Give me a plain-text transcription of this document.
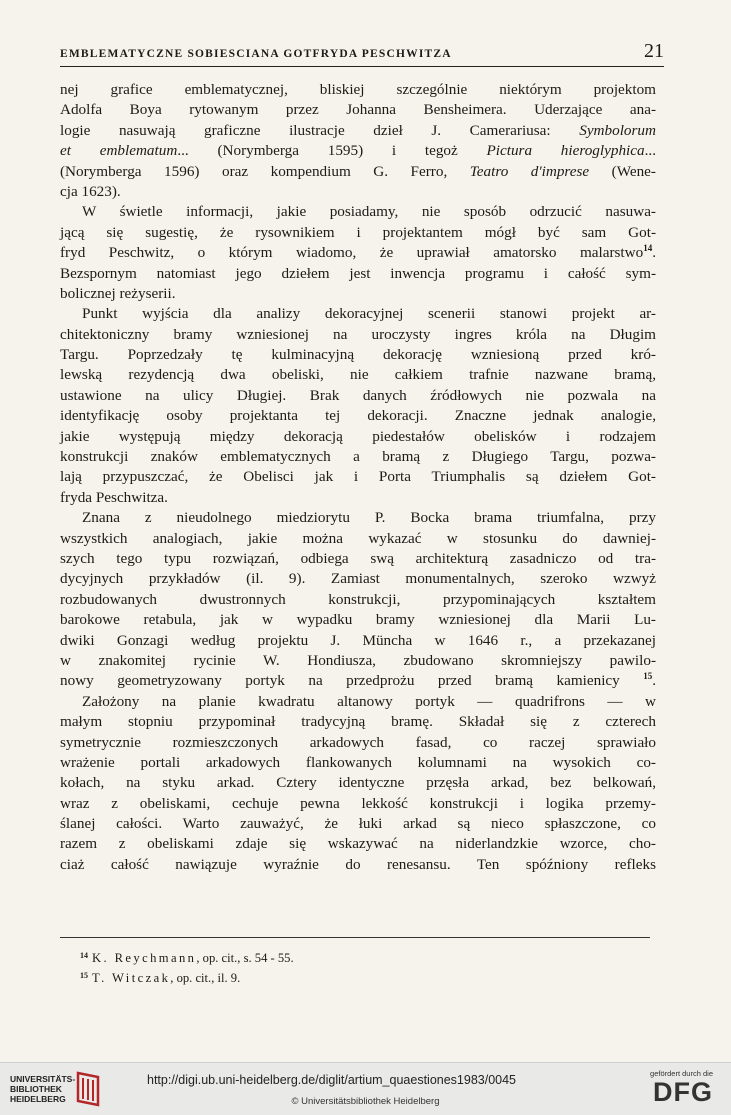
EMBLEMATYCZNE SOBIESCIANA GOTFRYDA PESCHWITZA	21

nej grafice emblematycznej, bliskiej szczególnie niektórym projektom
Adolfa Boya rytowanym przez Johanna Bensheimera. Uderzające ana-
logie nasuwają graficzne ilustracje dzieł J. Camerariusa: Symbolorum
et emblematum... (Norymberga 1595) i tegoż Pictura hieroglyphica...
(Norymberga 1596) oraz kompendium G. Ferro, Teatro d'imprese (Wene-
cja 1623).

W świetle informacji, jakie posiadamy, nie sposób odrzucić nasuwa-
jącą się sugestię, że rysownikiem i projektantem mógł być sam Got-
fryd Peschwitz, o którym wiadomo, że uprawiał amatorsko malarstwo$^{14}$.
Bezspornym natomiast jego dziełem jest inwencja programu i całość sym-
bolicznej reżyserii.

Punkt wyjścia dla analizy dekoracyjnej scenerii stanowi projekt ar-
chitektoniczny bramy wzniesionej na uroczysty ingres króla na Długim
Targu. Poprzedzały tę kulminacyjną dekorację wzniesioną przed kró-
lewską rezydencją dwa obeliski, nie całkiem trafnie nazwane bramą,
ustawione na ulicy Długiej. Brak danych źródłowych nie pozwala na
identyfikację osoby projektanta tej dekoracji. Znaczne jednak analogie,
jakie występują między dekoracją piedestałów obelisków i rodzajem
konstrukcji znaków emblematycznych a bramą z Długiego Targu, pozwa-
lają przypuszczać, że Obelisci jak i Porta Triumphalis są dziełem Got-
fryda Peschwitza.

Znana z nieudolnego miedziorytu P. Bocka brama triumfalna, przy
wszystkich analogiach, jakie można wykazać w stosunku do dawniej-
szych tego typu rozwiązań, odbiega swą architekturą zasadniczo od tra-
dycyjnych przykładów (il. 9). Zamiast monumentalnych, szeroko wzwyż
rozbudowanych dwustronnych konstrukcji, przypominających kształtem
barokowe retabula, jak w wypadku bramy wzniesionej dla Marii Lu-
dwiki Gonzagi według projektu J. Müncha w 1646 r., a przekazanej
w znakomitej rycinie W. Hondiusza, zbudowano skromniejszy pawilo-
nowy geometryzowany portyk na przedprożu przed bramą kamienicy	$^{15}$.

Założony na planie kwadratu altanowy portyk — quadrifrons — w
małym stopniu przypominał tradycyjną bramę. Składał się z czterech
symetrycznie rozmieszczonych arkadowych fasad, co raczej sprawiało
wrażenie portali arkadowych flankowanych kolumnami na wysokich co-
kołach, na styku arkad. Cztery identyczne przęsła arkad, bez belkowań,
wraz z obeliskami, cechuje pewna lekkość konstrukcji i logika przemy-
ślanej całości. Warto zauważyć, że łuki arkad są nieco spłaszczone, co
razem z obeliskami zdaje się wskazywać na niderlandzkie wzorce, cho-
ciaż całość nawiązuje wyraźnie do renesansu. Ten spóźniony refleks

$^{14}$ K. Reychmann, op. cit., s. 54 - 55.
$^{15}$ T. Witczak, op. cit., il. 9.
UNIVERSITÄTS-
BIBLIOTHEK
HEIDELBERG
http://digi.ub.uni-heidelberg.de/diglit/artium_quaestiones1983/0045
© Universitätsbibliothek Heidelberg
gefördert durch die
DFG
